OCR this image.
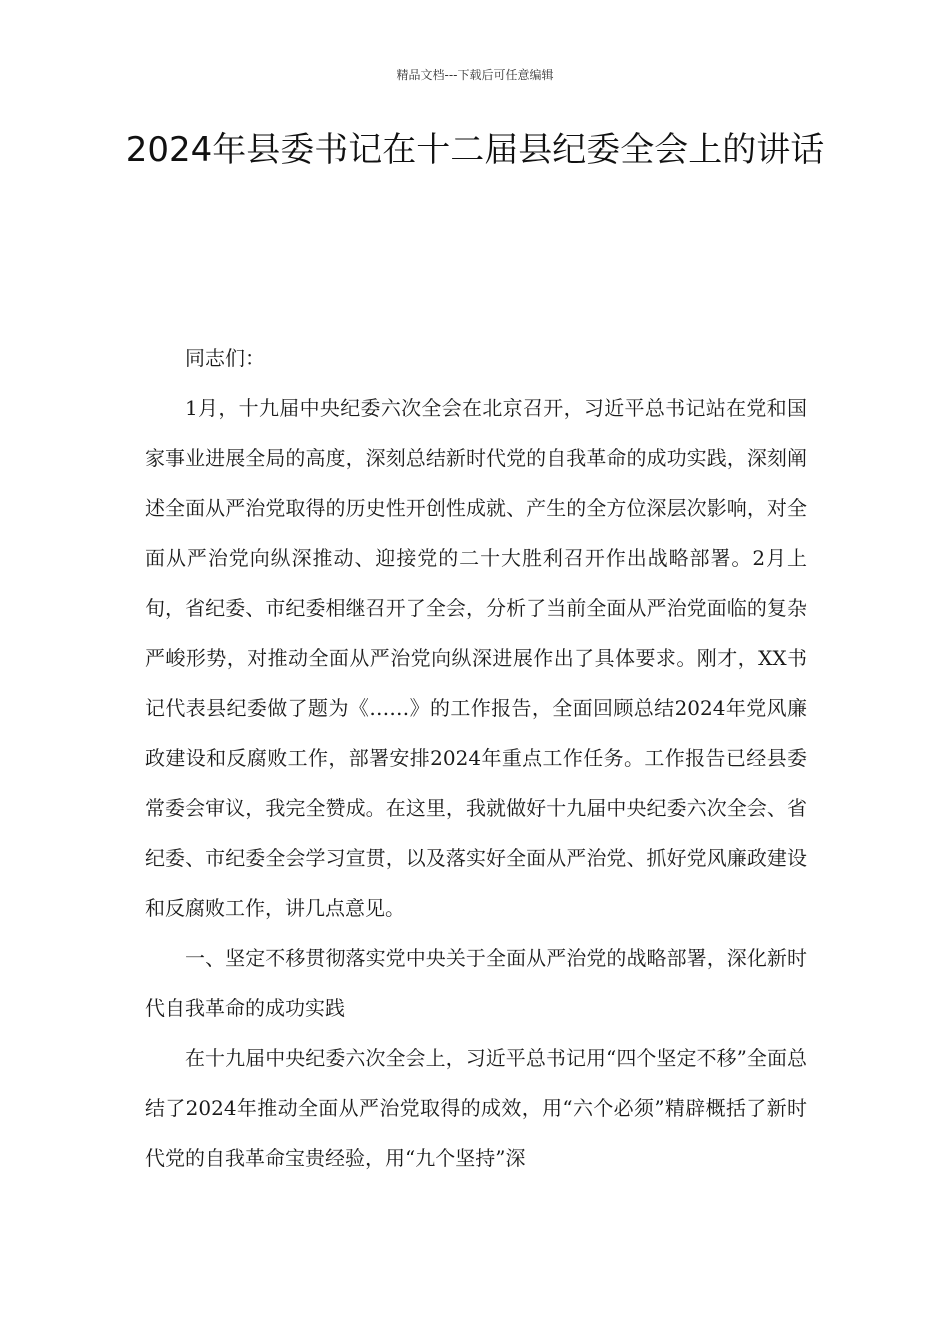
精品文档---下载后可任意编辑
2024年县委书记在十二届县纪委全会上的讲话

同志们：

1月，十九届中央纪委六次全会在北京召开，习近平总书记站在党和国家事业进展全局的高度，深刻总结新时代党的自我革命的成功实践，深刻阐述全面从严治党取得的历史性开创性成就、产生的全方位深层次影响，对全面从严治党向纵深推动、迎接党的二十大胜利召开作出战略部署。2月上旬，省纪委、市纪委相继召开了全会，分析了当前全面从严治党面临的复杂严峻形势，对推动全面从严治党向纵深进展作出了具体要求。刚才，XX书记代表县纪委做了题为《……》的工作报告，全面回顾总结2024年党风廉政建设和反腐败工作，部署安排2024年重点工作任务。工作报告已经县委常委会审议，我完全赞成。在这里，我就做好十九届中央纪委六次全会、省纪委、市纪委全会学习宣贯，以及落实好全面从严治党、抓好党风廉政建设和反腐败工作，讲几点意见。

一、坚定不移贯彻落实党中央关于全面从严治党的战略部署，深化新时代自我革命的成功实践

在十九届中央纪委六次全会上，习近平总书记用“四个坚定不移”全面总结了2024年推动全面从严治党取得的成效，用“六个必须”精辟概括了新时代党的自我革命宝贵经验，用“九个坚持”深
